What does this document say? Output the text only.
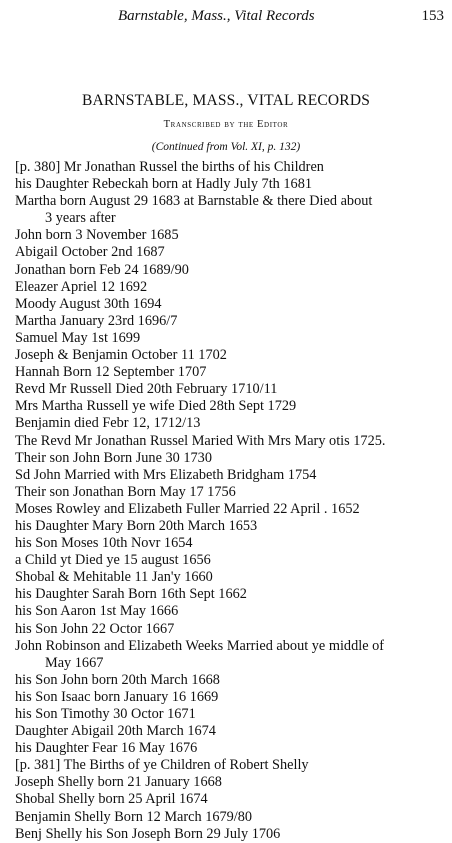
Barnstable, Mass., Vital Records	153
BARNSTABLE, MASS., VITAL RECORDS
Transcribed by the Editor
(Continued from Vol. XI, p. 132)
[p. 380] Mr Jonathan Russel the births of his Children
his Daughter Rebeckah born at Hadly July 7th 1681
Martha born August 29 1683 at Barnstable & there Died about
3 years after
John born 3 November 1685
Abigail October 2nd 1687
Jonathan born Feb 24 1689/90
Eleazer Apriel 12 1692
Moody August 30th 1694
Martha January 23rd 1696/7
Samuel May 1st 1699
Joseph & Benjamin October 11 1702
Hannah Born 12 September 1707
Revd Mr Russell Died 20th February 1710/11
Mrs Martha Russell ye wife Died 28th Sept 1729
Benjamin died Febr 12, 1712/13
The Revd Mr Jonathan Russel Maried With Mrs Mary otis 1725.
Their son John Born June 30 1730
Sd John Married with Mrs Elizabeth Bridgham 1754
Their son Jonathan Born May 17 1756
Moses Rowley and Elizabeth Fuller Married 22 April . 1652
his Daughter Mary Born 20th March 1653
his Son Moses 10th Novr 1654
a Child yt Died ye 15 august 1656
Shobal & Mehitable 11 Jan'y 1660
his Daughter Sarah Born 16th Sept 1662
his Son Aaron 1st May 1666
his Son John 22 Octor 1667
John Robinson and Elizabeth Weeks Married about ye middle of
May 1667
his Son John born 20th March 1668
his Son Isaac born January 16 1669
his Son Timothy 30 Octor 1671
Daughter Abigail 20th March 1674
his Daughter Fear 16 May 1676
[p. 381] The Births of ye Children of Robert Shelly
Joseph Shelly born 21 January 1668
Shobal Shelly born 25 April 1674
Benjamin Shelly Born 12 March 1679/80
Benj Shelly his Son Joseph Born 29 July 1706
